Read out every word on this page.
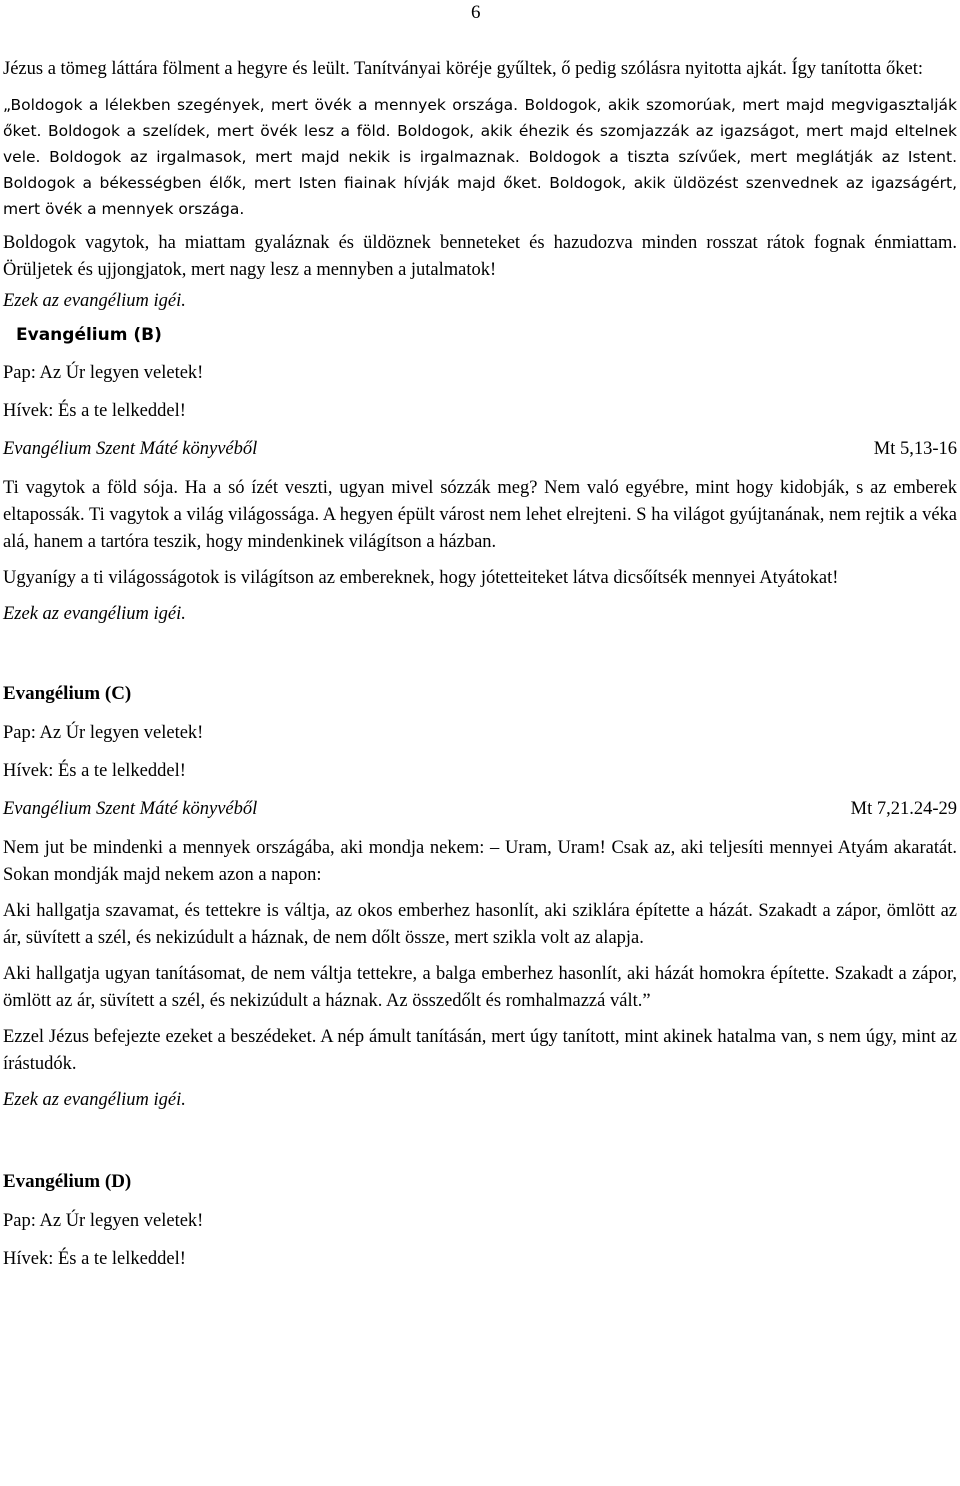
6

Jézus a tömeg láttára fölment a hegyre és leült. Tanítványai köréje gyűltek, ő pedig szólásra nyitotta ajkát. Így tanította őket:

„Boldogok a lélekben szegények, mert övék a mennyek országa. Boldogok, akik szomorúak, mert majd megvigasztalják őket. Boldogok a szelídek, mert övék lesz a föld. Boldogok, akik éhezik és szomjazzák az igazságot, mert majd eltelnek vele. Boldogok az irgalmasok, mert majd nekik is irgalmaznak. Boldogok a tiszta szívűek, mert meglátják az Istent. Boldogok a békességben élők, mert Isten fiainak hívják majd őket. Boldogok, akik üldözést szenvednek az igazságért, mert övék a mennyek országa.

Boldogok vagytok, ha miattam gyaláznak és üldöznek benneteket és hazudozva minden rosszat rátok fognak énmiattam. Örüljetek és ujjongjatok, mert nagy lesz a mennyben a jutalmatok!

Ezek az evangélium igéi.

Evangélium (B)

Pap: Az Úr legyen veletek!

Hívek: És a te lelkeddel!

Evangélium Szent Máté könyvéből	Mt 5,13-16

Ti vagytok a föld sója. Ha a só ízét veszti, ugyan mivel sózzák meg? Nem való egyébre, mint hogy kidobják, s az emberek eltapossák. Ti vagytok a világ világossága. A hegyen épült várost nem lehet elrejteni. S ha világot gyújtanának, nem rejtik a véka alá, hanem a tartóra teszik, hogy mindenkinek világítson a házban.

Ugyanígy a ti világosságotok is világítson az embereknek, hogy jótetteiteket látva dicsőítsék mennyei Atyátokat!

Ezek az evangélium igéi.

Evangélium (C)

Pap: Az Úr legyen veletek!

Hívek: És a te lelkeddel!

Evangélium Szent Máté könyvéből	Mt 7,21.24-29

Nem jut be mindenki a mennyek országába, aki mondja nekem: – Uram, Uram! Csak az, aki teljesíti mennyei Atyám akaratát. Sokan mondják majd nekem azon a napon:

Aki hallgatja szavamat, és tettekre is váltja, az okos emberhez hasonlít, aki sziklára építette a házát. Szakadt a zápor, ömlött az ár, süvített a szél, és nekizúdult a háznak, de nem dőlt össze, mert szikla volt az alapja.

Aki hallgatja ugyan tanításomat, de nem váltja tettekre, a balga emberhez hasonlít, aki házát homokra építette. Szakadt a zápor, ömlött az ár, süvített a szél, és nekizúdult a háznak. Az összedőlt és romhalmazzá vált.”

Ezzel Jézus befejezte ezeket a beszédeket. A nép ámult tanításán, mert úgy tanított, mint akinek hatalma van, s nem úgy, mint az írástudók.

Ezek az evangélium igéi.

Evangélium (D)

Pap: Az Úr legyen veletek!

Hívek: És a te lelkeddel!
